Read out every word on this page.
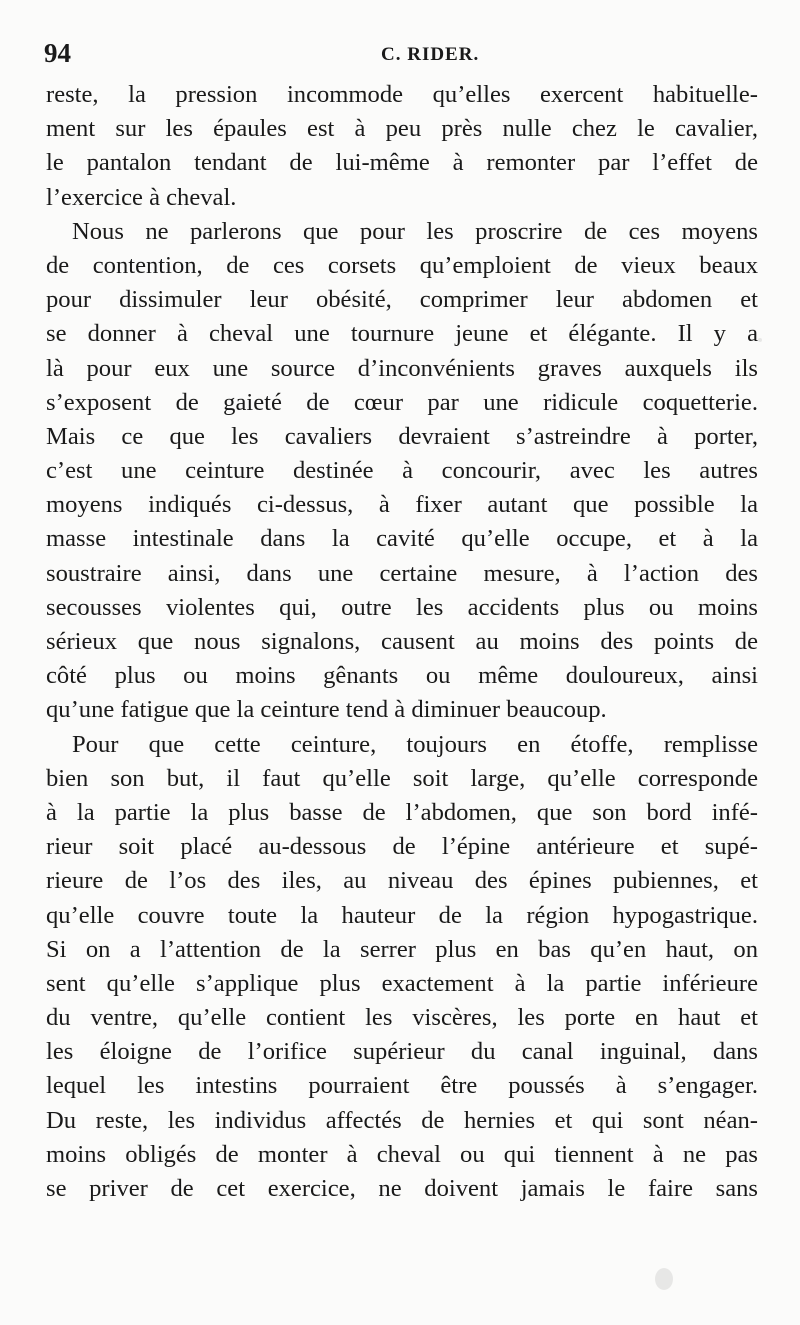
94	C. RIDER.
reste, la pression incommode qu’elles exercent habituelle-
ment sur les épaules est à peu près nulle chez le cavalier,
le pantalon tendant de lui-même à remonter par l’effet de
l’exercice à cheval.
Nous ne parlerons que pour les proscrire de ces moyens
de contention, de ces corsets qu’emploient de vieux beaux
pour dissimuler leur obésité, comprimer leur abdomen et
se donner à cheval une tournure jeune et élégante. Il y a
là pour eux une source d’inconvénients graves auxquels ils
s’exposent de gaieté de cœur par une ridicule coquetterie.
Mais ce que les cavaliers devraient s’astreindre à porter,
c’est une ceinture destinée à concourir, avec les autres
moyens indiqués ci-dessus, à fixer autant que possible la
masse intestinale dans la cavité qu’elle occupe, et à la
soustraire ainsi, dans une certaine mesure, à l’action des
secousses violentes qui, outre les accidents plus ou moins
sérieux que nous signalons, causent au moins des points de
côté plus ou moins gênants ou même douloureux, ainsi
qu’une fatigue que la ceinture tend à diminuer beaucoup.
Pour que cette ceinture, toujours en étoffe, remplisse
bien son but, il faut qu’elle soit large, qu’elle corresponde
à la partie la plus basse de l’abdomen, que son bord infé-
rieur soit placé au-dessous de l’épine antérieure et supé-
rieure de l’os des iles, au niveau des épines pubiennes, et
qu’elle couvre toute la hauteur de la région hypogastrique.
Si on a l’attention de la serrer plus en bas qu’en haut, on
sent qu’elle s’applique plus exactement à la partie inférieure
du ventre, qu’elle contient les viscères, les porte en haut et
les éloigne de l’orifice supérieur du canal inguinal, dans
lequel les intestins pourraient être poussés à s’engager.
Du reste, les individus affectés de hernies et qui sont néan-
moins obligés de monter à cheval ou qui tiennent à ne pas
se priver de cet exercice, ne doivent jamais le faire sans
